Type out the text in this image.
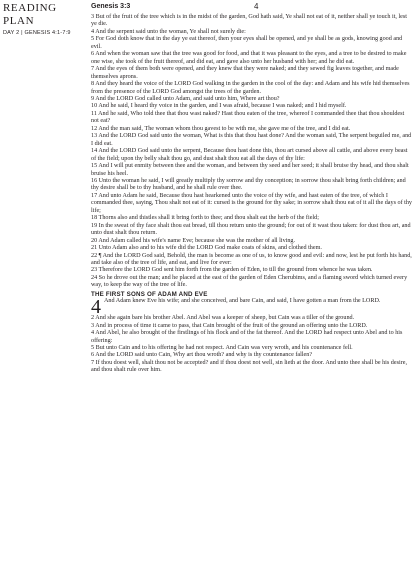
READING PLAN
DAY 2 | GENESIS 4:1-7:9
Genesis 3:3	4

3 But of the fruit of the tree which is in the midst of the garden, God hath said, Ye shall not eat of it, neither shall ye touch it, lest ye die.

4 And the serpent said unto the woman, Ye shall not surely die:

5 For God doth know that in the day ye eat thereof, then your eyes shall be opened, and ye shall be as gods, knowing good and evil.

6 And when the woman saw that the tree was good for food, and that it was pleasant to the eyes, and a tree to be desired to make one wise, she took of the fruit thereof, and did eat, and gave also unto her husband with her; and he did eat.

7 And the eyes of them both were opened, and they knew that they were naked; and they sewed fig leaves together, and made themselves aprons.

8 And they heard the voice of the LORD God walking in the garden in the cool of the day: and Adam and his wife hid themselves from the presence of the LORD God amongst the trees of the garden.

9 And the LORD God called unto Adam, and said unto him, Where art thou?

10 And he said, I heard thy voice in the garden, and I was afraid, because I was naked; and I hid myself.

11 And he said, Who told thee that thou wast naked? Hast thou eaten of the tree, whereof I commanded thee that thou shouldest not eat?

12 And the man said, The woman whom thou gavest to be with me, she gave me of the tree, and I did eat.

13 And the LORD God said unto the woman, What is this that thou hast done? And the woman said, The serpent beguiled me, and I did eat.

14 And the LORD God said unto the serpent, Because thou hast done this, thou art cursed above all cattle, and above every beast of the field; upon thy belly shalt thou go, and dust shalt thou eat all the days of thy life:

15 And I will put enmity between thee and the woman, and between thy seed and her seed; it shall bruise thy head, and thou shalt bruise his heel.

16 Unto the woman he said, I will greatly multiply thy sorrow and thy conception; in sorrow thou shalt bring forth children; and thy desire shall be to thy husband, and he shall rule over thee.

17 And unto Adam he said, Because thou hast hearkened unto the voice of thy wife, and hast eaten of the tree, of which I commanded thee, saying, Thou shalt not eat of it: cursed is the ground for thy sake; in sorrow shalt thou eat of it all the days of thy life;

18 Thorns also and thistles shall it bring forth to thee; and thou shalt eat the herb of the field;

19 In the sweat of thy face shalt thou eat bread, till thou return unto the ground; for out of it wast thou taken: for dust thou art, and unto dust shalt thou return.

20 And Adam called his wife's name Eve; because she was the mother of all living.

21 Unto Adam also and to his wife did the LORD God make coats of skins, and clothed them.

22 ¶ And the LORD God said, Behold, the man is become as one of us, to know good and evil: and now, lest he put forth his hand, and take also of the tree of life, and eat, and live for ever:

23 Therefore the LORD God sent him forth from the garden of Eden, to till the ground from whence he was taken.

24 So he drove out the man; and he placed at the east of the garden of Eden Cherubims, and a flaming sword which turned every way, to keep the way of the tree of life.

THE FIRST SONS OF ADAM AND EVE

4 And Adam knew Eve his wife; and she conceived, and bare Cain, and said, I have gotten a man from the LORD.

2 And she again bare his brother Abel. And Abel was a keeper of sheep, but Cain was a tiller of the ground.

3 And in process of time it came to pass, that Cain brought of the fruit of the ground an offering unto the LORD.

4 And Abel, he also brought of the firstlings of his flock and of the fat thereof. And the LORD had respect unto Abel and to his offering:

5 But unto Cain and to his offering he had not respect. And Cain was very wroth, and his countenance fell.

6 And the LORD said unto Cain, Why art thou wroth? and why is thy countenance fallen?

7 If thou doest well, shalt thou not be accepted? and if thou doest not well, sin lieth at the door. And unto thee shall be his desire, and thou shalt rule over him.
